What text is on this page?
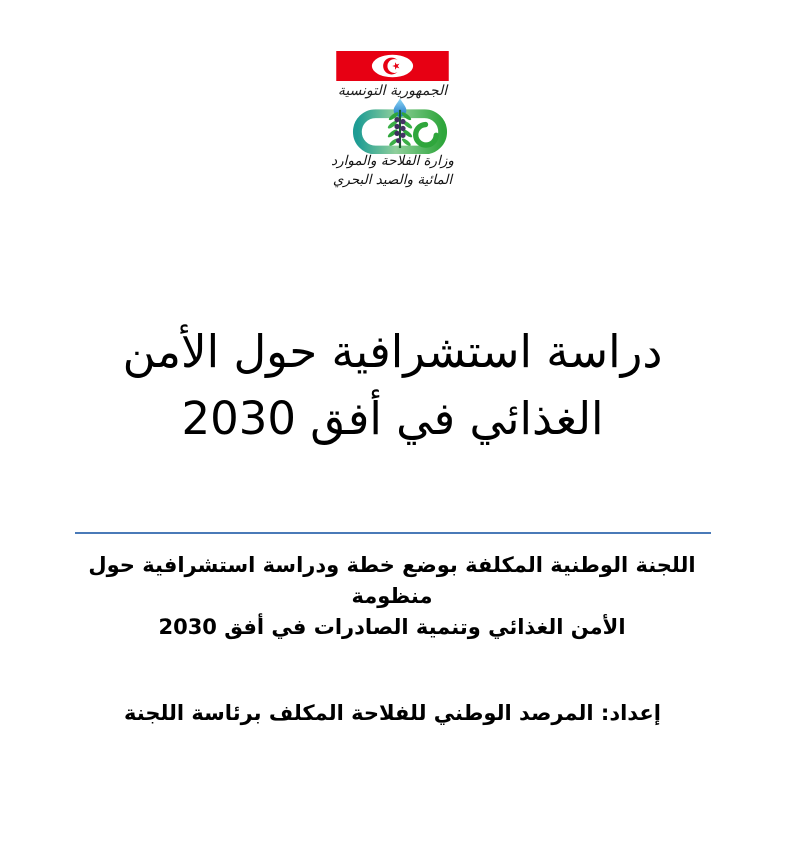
الجمهورية التونسية
وزارة الفلاحة والموارد
المائية والصيد البحري
دراسة استشرافية حول الأمن
الغذائي في أفق 2030
اللجنة الوطنية المكلفة بوضع خطة ودراسة استشرافية حول منظومة
الأمن الغذائي وتنمية الصادرات في أفق 2030
إعداد: المرصد الوطني للفلاحة المكلف برئاسة اللجنة
